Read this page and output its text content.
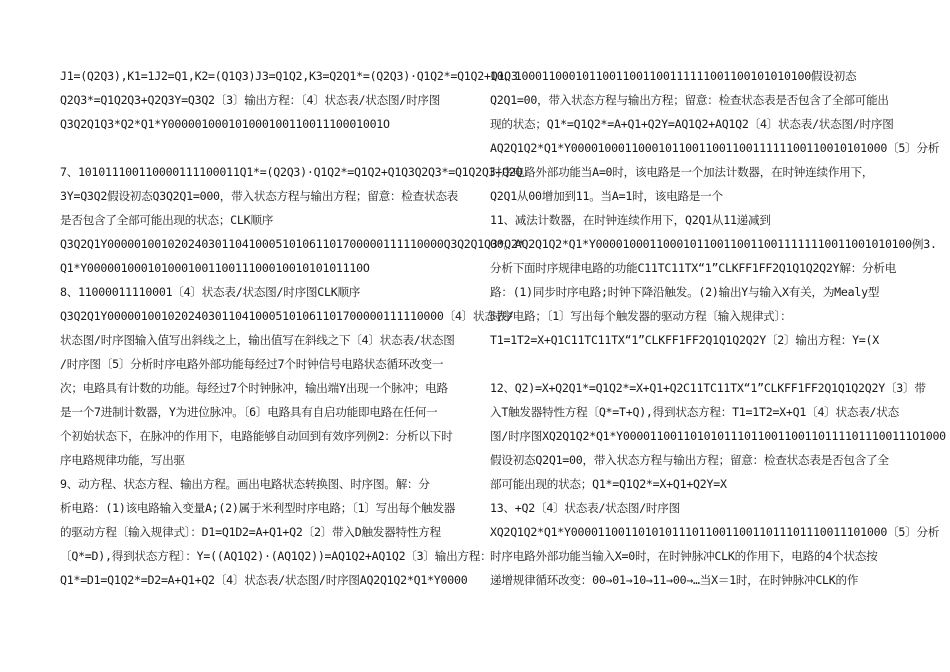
J1=(Q2Q3),K1=1J2=Q1,K2=(Q1Q3)J3=Q1Q2,K3=Q2Q1*=(Q2Q3)·Q1Q2*=Q1Q2+Q1Q3
Q2Q3*=Q1Q2Q3+Q2Q3Y=Q3Q2〔3〕输出方程：〔4〕状态表/状态图/时序图
Q3Q2Q1Q3*Q2*Q1*Y00000100010100010011001110001001O
7、101011100110000111100011Q1*=(Q2Q3)·Q1Q2*=Q1Q2+Q1Q3Q2Q3*=Q1Q2Q3+Q2Q
3Y=Q3Q2假设初态Q3Q2Q1=000，带入状态方程与输出方程；留意：检查状态表
是否包含了全部可能出现的状态；CLK顺序
Q3Q2Q1Y00000100102024030110410005101061101700000111110000Q3Q2Q1Q3*Q2*
Q1*Y00000100010100010011001110001001010101110O
8、11000011110001〔4〕状态表/状态图/时序图CLK顺序
Q3Q2Q1Y00000100102024030110410005101061101700000111110000〔4〕状态表/
状态图/时序图输入值写出斜线之上，输出值写在斜线之下〔4〕状态表/状态图
/时序图〔5〕分析时序电路外部功能每经过7个时钟信号电路状态循环改变一
次；电路具有计数的功能。每经过7个时钟脉冲，输出端Y出现一个脉冲；电路
是一个7进制计数器，Y为进位脉冲。〔6〕电路具有自启功能即电路在任何一
个初始状态下，在脉冲的作用下，电路能够自动回到有效序列例2：分析以下时
序电路规律功能，写出驱
9、动方程、状态方程、输出方程。画出电路状态转换图、时序图。解：分
析电路：(1)该电路输入变量A;(2)属于米利型时序电路；〔1〕写出每个触发器
的驱动方程〔输入规律式〕：D1=Q1D2=A+Q1+Q2〔2〕带入D触发器特性方程
〔Q*=D),得到状态方程〕：Y=((AQ1Q2)·(AQ1Q2))=AQ1Q2+AQ1Q2〔3〕输出方程：
Q1*=D1=Q1Q2*=D2=A+Q1+Q2〔4〕状态表/状态图/时序图AQ2Q1Q2*Q1*Y0000
10、10001100010110011001100111111001100101010100假设初态
Q2Q1=00，带入状态方程与输出方程；留意：检查状态表是否包含了全部可能出
现的状态；Q1*=Q1Q2*=A+Q1+Q2Y=AQ1Q2+AQ1Q2〔4〕状态表/状态图/时序图
AQ2Q1Q2*Q1*Y00001000110001011001100110011111100110010101000〔5〕分析
时序电路外部功能当A=0时，该电路是一个加法计数器，在时钟连续作用下，
Q2Q1从00增加到11。当A=1时，该电路是一个
11、减法计数器，在时钟连续作用下，Q2Q1从11递减到
00。AQ2Q1Q2*Q1*Y00001000110001011001100110011111110011001010100例3.
分析下面时序规律电路的功能C11TC11TX“1”CLKFF1FF2Q1Q1Q2Q2Y解：分析电
路：(1)同步时序电路;时钟下降沿触发。(2)输出Y与输入X有关，为Mealy型
时序电路；〔1〕写出每个触发器的驱动方程〔输入规律式〕：
T1=1T2=X+Q1C11TC11TX“1”CLKFF1FF2Q1Q1Q2Q2Y〔2〕输出方程：Y=(X
12、Q2)=X+Q2Q1*=Q1Q2*=X+Q1+Q2C11TC11TX“1”CLKFF1FF2Q1Q1Q2Q2Y〔3〕带
入T触发器特性方程〔Q*=T+Q),得到状态方程：T1=1T2=X+Q1〔4〕状态表/状态
图/时序图XQ2Q1Q2*Q1*Y0000110011010101110110011001101111011100111O1000
假设初态Q2Q1=00，带入状态方程与输出方程；留意：检查状态表是否包含了全
部可能出现的状态；Q1*=Q1Q2*=X+Q1+Q2Y=X
13、+Q2〔4〕状态表/状态图/时序图
XQ2Q1Q2*Q1*Y00001100110101011101100110011011101110011101000〔5〕分析
时序电路外部功能当输入X=0时，在时钟脉冲CLK的作用下，电路的4个状态按
递增规律循环改变：00→01→10→11→00→…当X＝1时，在时钟脉冲CLK的作
